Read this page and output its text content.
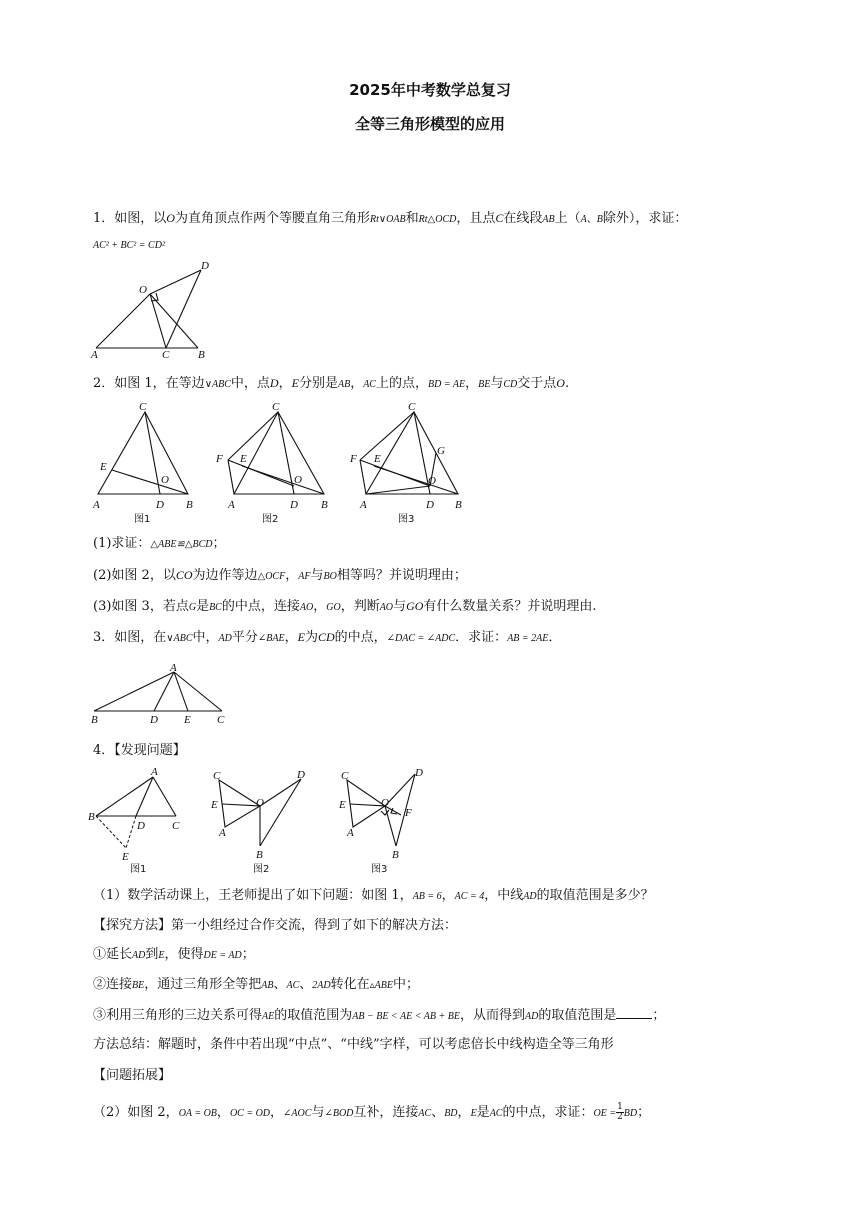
2025年中考数学总复习
全等三角形模型的应用
1．如图，以O为直角顶点作两个等腰直角三角形Rt∨OAB和Rt△OCD，且点C在线段AB上（A、B除外），求证：
AC² + BC² = CD²
O
D
A	C	B
2．如图 1，在等边∨ABC中，点D，E分别是AB，AC上的点，BD = AE，BE与CD交于点O.
C
E
O
A	D B
图1
C
F E
O
A	D B
图2
C
F E
G
O
A	D B
图3
(1)求证：△ABE≌△BCD；
(2)如图 2，以CO为边作等边△OCF，AF与BO相等吗？并说明理由；
(3)如图 3，若点G是BC的中点，连接AO，GO，判断AO与GO有什么数量关系？并说明理由.
3．如图，在∨ABC中，AD平分∠BAE，E为CD的中点，∠DAC = ∠ADC．求证：AB = 2AE．
A
B	D E C
4．【发现问题】
A
B
D C
E
图1
C	D
E	O
A
B
图2
C	D
E	O
F
A
B
图3
（1）数学活动课上，王老师提出了如下问题：如图 1，AB = 6，AC = 4，中线AD的取值范围是多少？
【探究方法】第一小组经过合作交流，得到了如下的解决方法：
①延长AD到E，使得DE = AD；
②连接BE，通过三角形全等把AB、AC、2AD转化在▵ABE中；
③利用三角形的三边关系可得AE的取值范围为AB − BE < AE < AB + BE，从而得到AD的取值范围是	；
方法总结：解题时，条件中若出现“中点”、“中线”字样，可以考虑倍长中线构造全等三角形
【问题拓展】
（2）如图 2，OA = OB，OC = OD，∠AOC与∠BOD互补，连接AC、BD，E是AC的中点，求证：OE = $\frac{1}{2}$ BD；
